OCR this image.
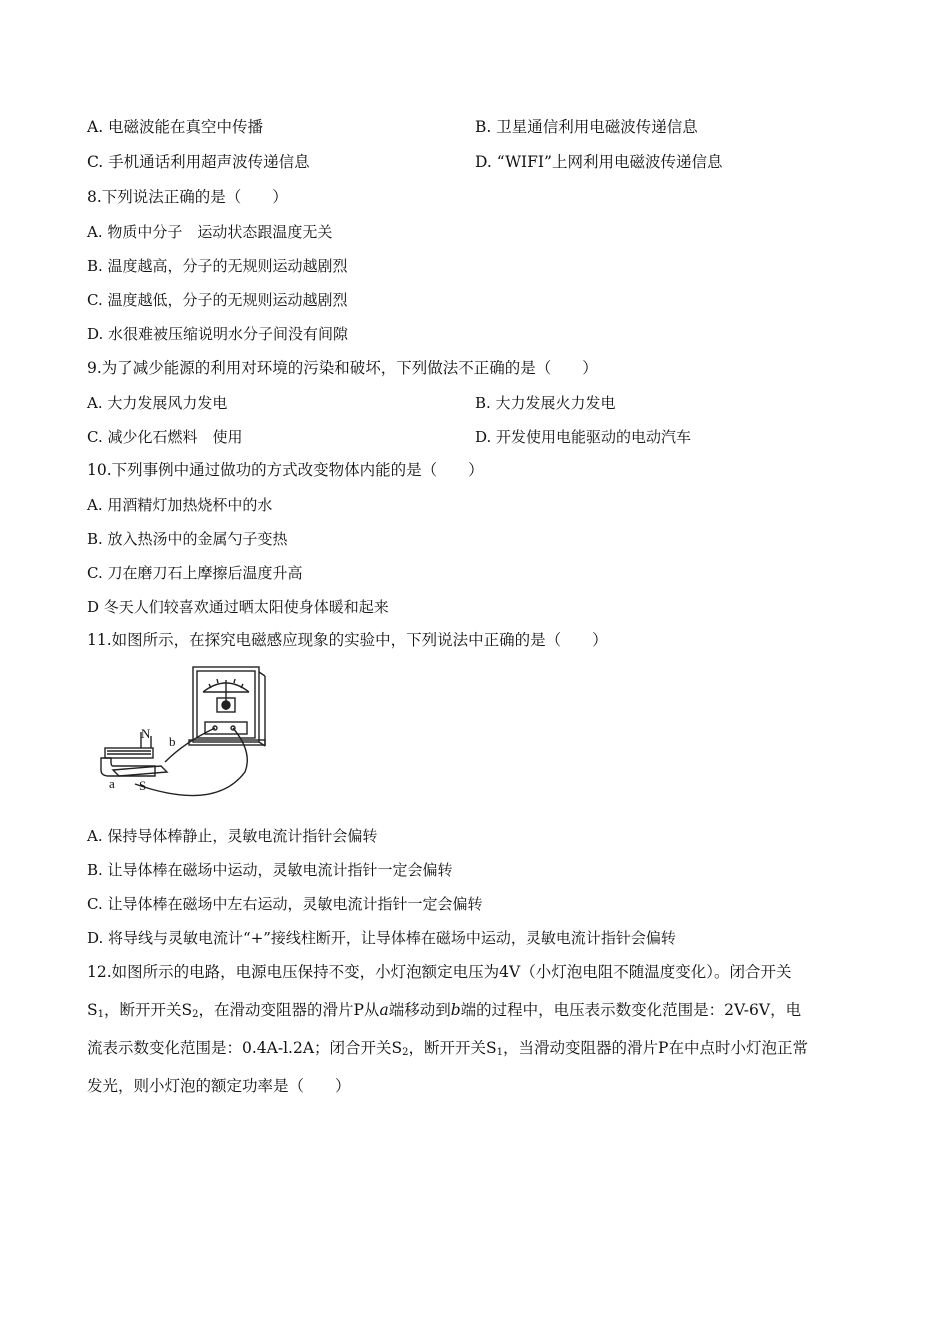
A. 电磁波能在真空中传播	B. 卫星通信利用电磁波传递信息
C. 手机通话利用超声波传递信息	D. “WIFI”上网利用电磁波传递信息
8.下列说法正确的是（　　）
A. 物质中分子　运动状态跟温度无关
B. 温度越高，分子的无规则运动越剧烈
C. 温度越低，分子的无规则运动越剧烈
D. 水很难被压缩说明水分子间没有间隙
9.为了减少能源的利用对环境的污染和破坏，下列做法不正确的是（　　）
A. 大力发展风力发电	B. 大力发展火力发电
C. 减少化石燃料　使用	D. 开发使用电能驱动的电动汽车
10.下列事例中通过做功的方式改变物体内能的是（　　）
A. 用酒精灯加热烧杯中的水
B. 放入热汤中的金属勺子变热
C. 刀在磨刀石上摩擦后温度升高
D 冬天人们较喜欢通过晒太阳使身体暖和起来
11.如图所示，在探究电磁感应现象的实验中，下列说法中正确的是（　　）
N
S
a
b
A. 保持导体棒静止，灵敏电流计指针会偏转
B. 让导体棒在磁场中运动，灵敏电流计指针一定会偏转
C. 让导体棒在磁场中左右运动，灵敏电流计指针一定会偏转
D. 将导线与灵敏电流计“+”接线柱断开，让导体棒在磁场中运动，灵敏电流计指针会偏转
12.如图所示的电路，电源电压保持不变，小灯泡额定电压为4V（小灯泡电阻不随温度变化）。闭合开关
$S_1$，断开开关$S_2$，在滑动变阻器的滑片P从a端移动到b端的过程中，电压表示数变化范围是：2V-6V，电
流表示数变化范围是：0.4A-l.2A；闭合开关$S_2$，断开开关$S_1$，当滑动变阻器的滑片P在中点时小灯泡正常
发光，则小灯泡的额定功率是（　　）
